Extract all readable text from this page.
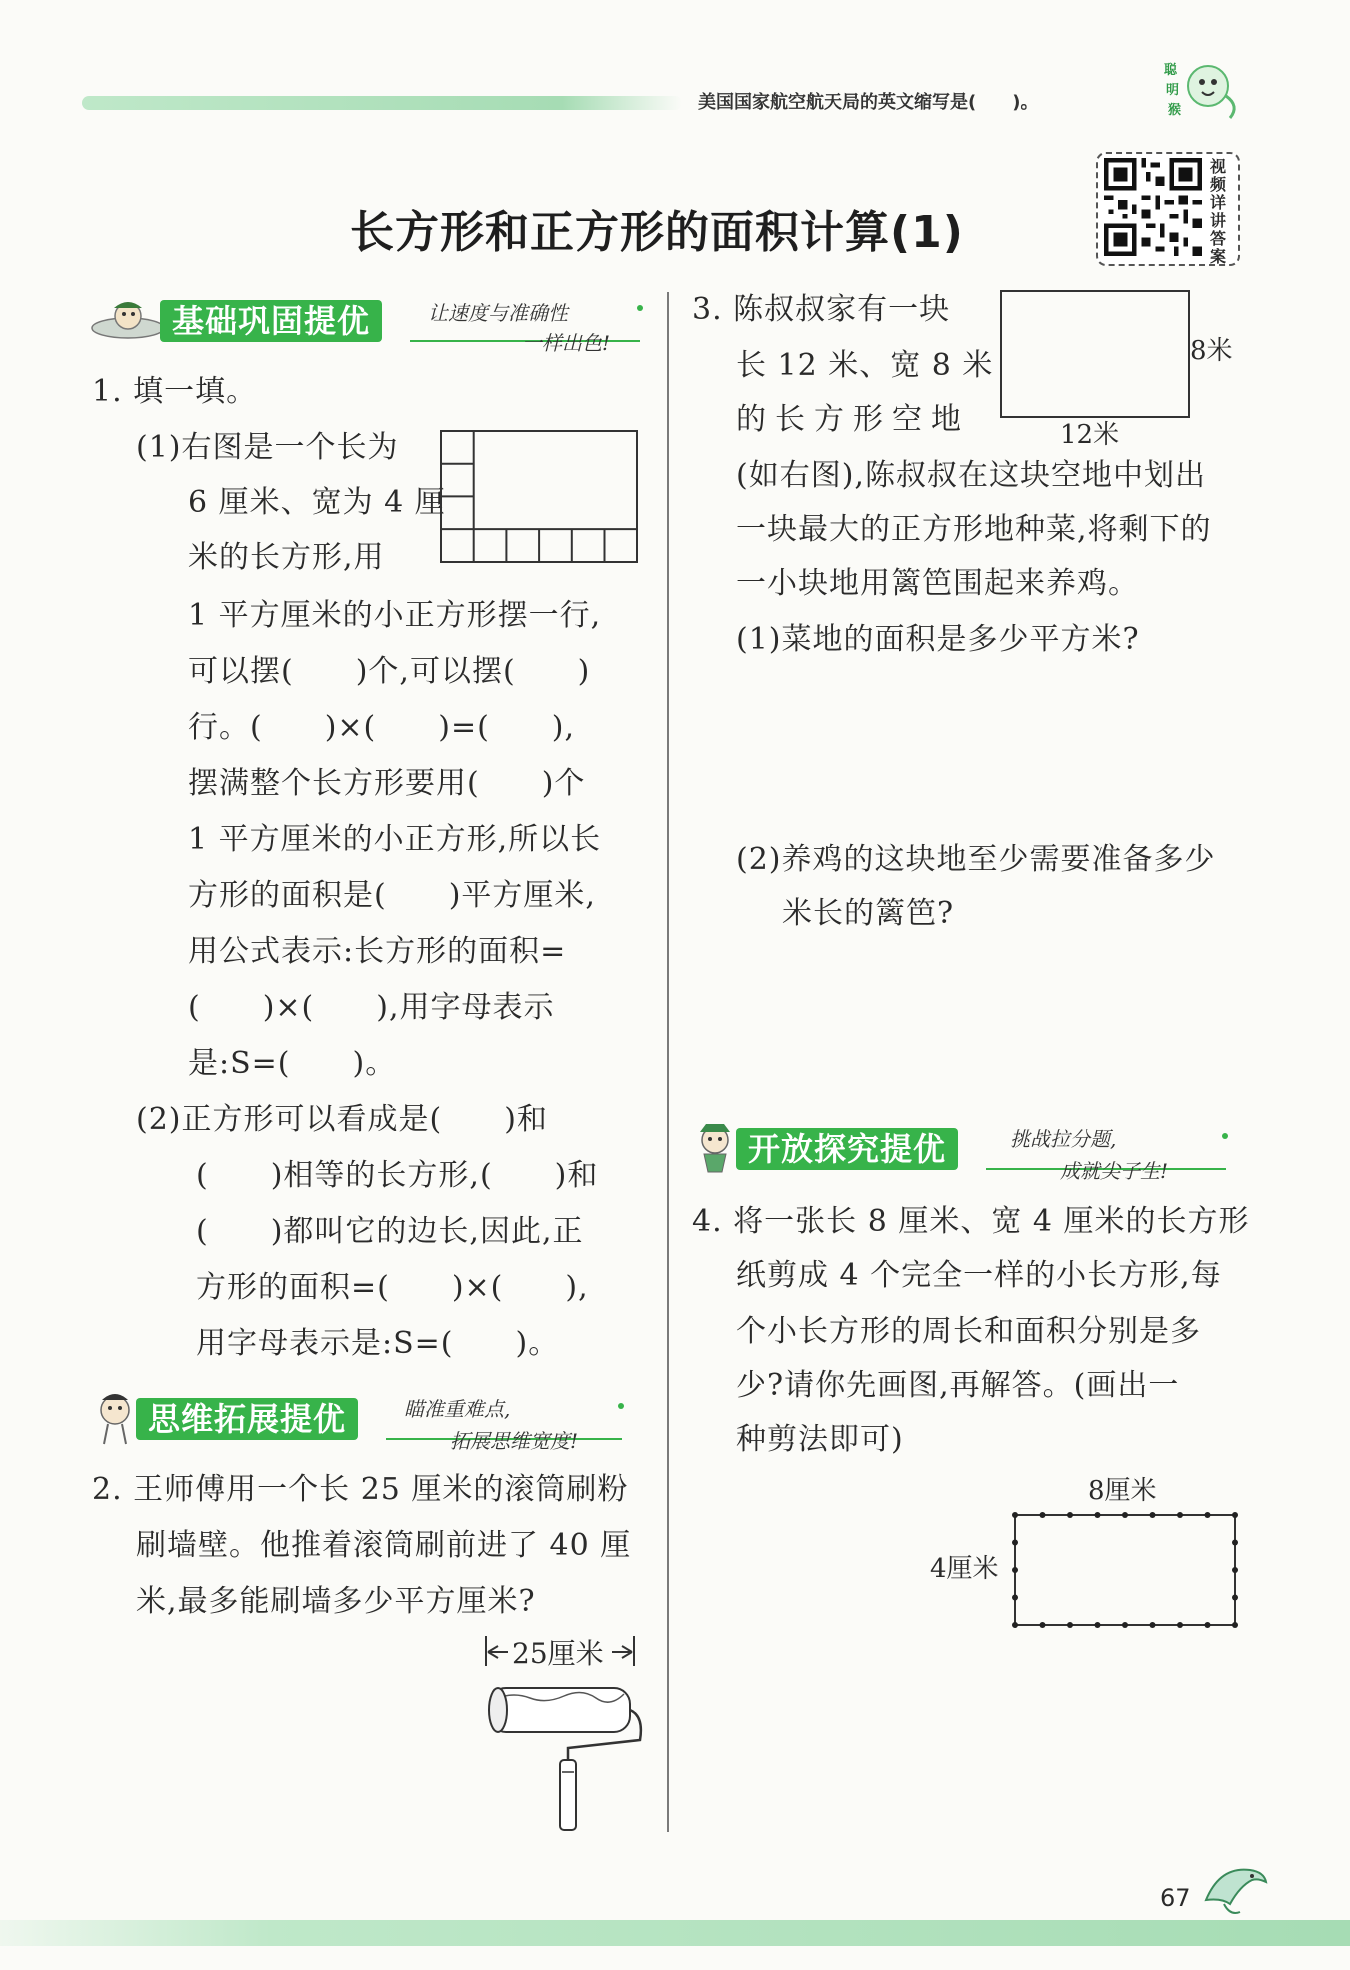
美国国家航空航天局的英文缩写是(　　)。
聪
明
猴
长方形和正方形的面积计算(1)
视频详讲答案
基础巩固提优	让速度与准确性
一样出色!
1. 填一填。
(1)右图是一个长为
6 厘米、宽为 4 厘
米的长方形,用
1 平方厘米的小正方形摆一行,
可以摆(　　)个,可以摆(　　)
行。(　　)×(　　)=(　　),
摆满整个长方形要用(　　)个
1 平方厘米的小正方形,所以长
方形的面积是(　　)平方厘米,
用公式表示:长方形的面积=
(　　)×(　　),用字母表示
是:S=(　　)。
(2)正方形可以看成是(　　)和
(　　)相等的长方形,(　　)和
(　　)都叫它的边长,因此,正
方形的面积=(　　)×(　　),
用字母表示是:S=(　　)。
思维拓展提优	瞄准重难点,
拓展思维宽度!
2. 王师傅用一个长 25 厘米的滚筒刷粉
刷墙壁。他推着滚筒刷前进了 40 厘
米,最多能刷墙多少平方厘米?
25厘米
3. 陈叔叔家有一块
长 12 米、宽 8 米
的长方形空地
(如右图),陈叔叔在这块空地中划出
一块最大的正方形地种菜,将剩下的
一小块地用篱笆围起来养鸡。
(1)菜地的面积是多少平方米?
(2)养鸡的这块地至少需要准备多少
米长的篱笆?
8米
12米
开放探究提优	挑战拉分题,
成就尖子生!
4. 将一张长 8 厘米、宽 4 厘米的长方形
纸剪成 4 个完全一样的小长方形,每
个小长方形的周长和面积分别是多
少?请你先画图,再解答。(画出一
种剪法即可)
8厘米
4厘米
67
